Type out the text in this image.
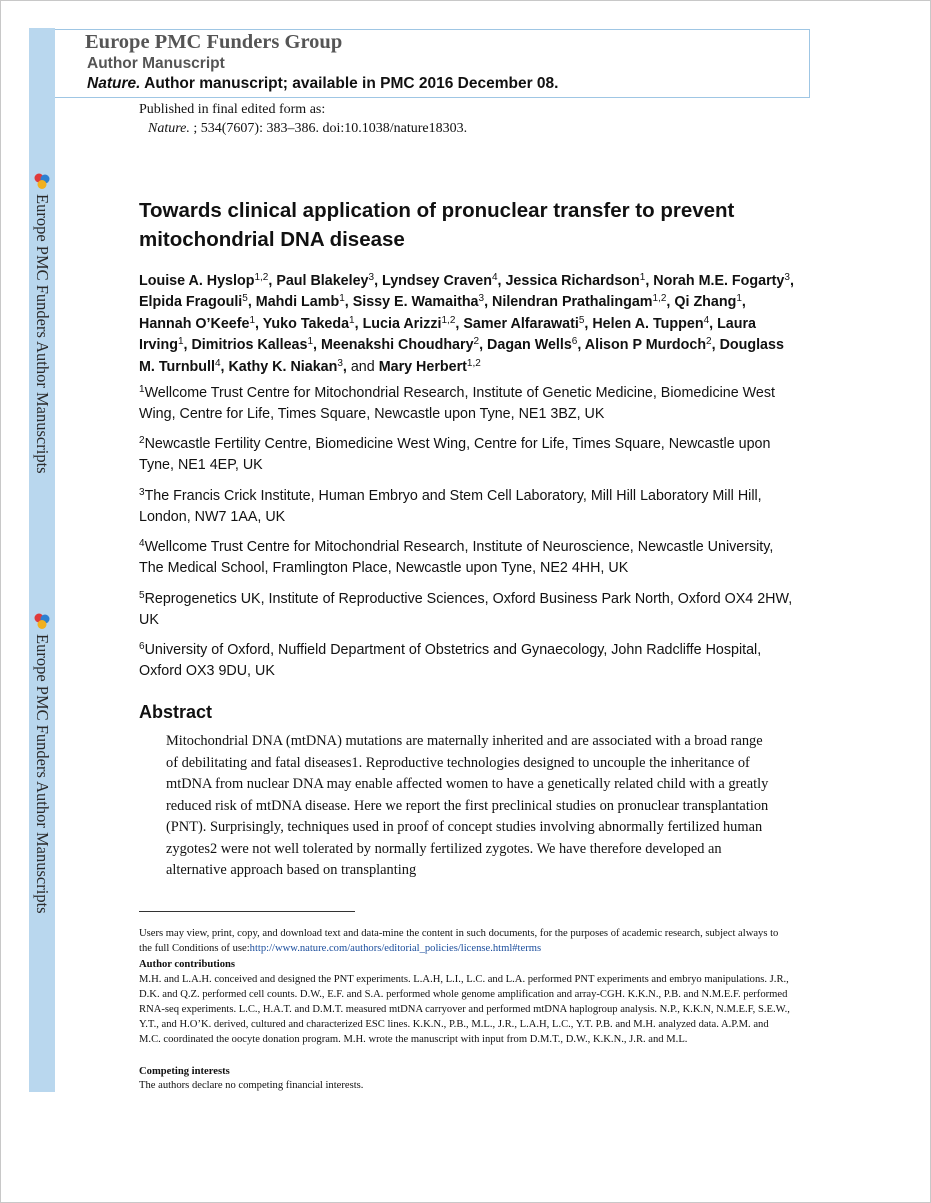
Europe PMC Funders Author Manuscripts
Europe PMC Funders Author Manuscripts
Europe PMC Funders Group
Author Manuscript
Nature. Author manuscript; available in PMC 2016 December 08.
Published in final edited form as:
Nature. ; 534(7607): 383–386. doi:10.1038/nature18303.
Towards clinical application of pronuclear transfer to prevent mitochondrial DNA disease
Louise A. Hyslop$^{1,2}$, Paul Blakeley$^3$, Lyndsey Craven$^4$, Jessica Richardson$^1$, Norah M.E. Fogarty$^3$, Elpida Fragouli$^5$, Mahdi Lamb$^1$, Sissy E. Wamaitha$^3$, Nilendran Prathalingam$^{1,2}$, Qi Zhang$^1$, Hannah O’Keefe$^1$, Yuko Takeda$^1$, Lucia Arizzi$^{1,2}$, Samer Alfarawati$^5$, Helen A. Tuppen$^4$, Laura Irving$^1$, Dimitrios Kalleas$^1$, Meenakshi Choudhary$^2$, Dagan Wells$^6$, Alison P Murdoch$^2$, Douglass M. Turnbull$^4$, Kathy K. Niakan$^3$, and Mary Herbert$^{1,2}$
$^1$Wellcome Trust Centre for Mitochondrial Research, Institute of Genetic Medicine, Biomedicine West Wing, Centre for Life, Times Square, Newcastle upon Tyne, NE1 3BZ, UK
$^2$Newcastle Fertility Centre, Biomedicine West Wing, Centre for Life, Times Square, Newcastle upon Tyne, NE1 4EP, UK
$^3$The Francis Crick Institute, Human Embryo and Stem Cell Laboratory, Mill Hill Laboratory Mill Hill, London, NW7 1AA, UK
$^4$Wellcome Trust Centre for Mitochondrial Research, Institute of Neuroscience, Newcastle University, The Medical School, Framlington Place, Newcastle upon Tyne, NE2 4HH, UK
$^5$Reprogenetics UK, Institute of Reproductive Sciences, Oxford Business Park North, Oxford OX4 2HW, UK
$^6$University of Oxford, Nuffield Department of Obstetrics and Gynaecology, John Radcliffe Hospital, Oxford OX3 9DU, UK
Abstract
Mitochondrial DNA (mtDNA) mutations are maternally inherited and are associated with a broad range of debilitating and fatal diseases1. Reproductive technologies designed to uncouple the inheritance of mtDNA from nuclear DNA may enable affected women to have a genetically related child with a greatly reduced risk of mtDNA disease. Here we report the first preclinical studies on pronuclear transplantation (PNT). Surprisingly, techniques used in proof of concept studies involving abnormally fertilized human zygotes2 were not well tolerated by normally fertilized zygotes. We have therefore developed an alternative approach based on transplanting
Users may view, print, copy, and download text and data-mine the content in such documents, for the purposes of academic research, subject always to the full Conditions of use:http://www.nature.com/authors/editorial_policies/license.html#terms
Author contributions
M.H. and L.A.H. conceived and designed the PNT experiments. L.A.H, L.I., L.C. and L.A. performed PNT experiments and embryo manipulations. J.R., D.K. and Q.Z. performed cell counts. D.W., E.F. and S.A. performed whole genome amplification and array-CGH. K.K.N., P.B. and N.M.E.F. performed RNA-seq experiments. L.C., H.A.T. and D.M.T. measured mtDNA carryover and performed mtDNA haplogroup analysis. N.P., K.K.N, N.M.E.F, S.E.W., Y.T., and H.O’K. derived, cultured and characterized ESC lines. K.K.N., P.B., M.L., J.R., L.A.H, L.C., Y.T. P.B. and M.H. analyzed data. A.P.M. and M.C. coordinated the oocyte donation program. M.H. wrote the manuscript with input from D.M.T., D.W., K.K.N., J.R. and M.L.
Competing interests
The authors declare no competing financial interests.
